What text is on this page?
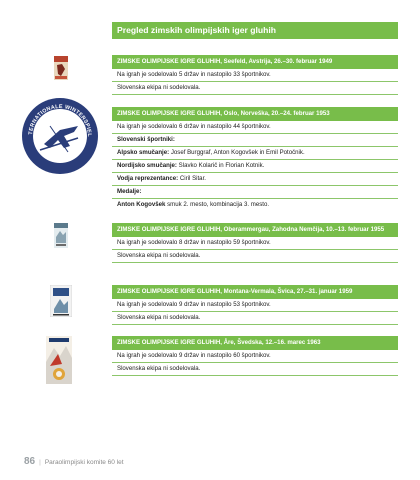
Pregled zimskih olimpijskih iger gluhih
ZIMSKE OLIMPIJSKE IGRE GLUHIH, Seefeld, Avstrija, 26.–30. februar 1949
Na igrah je sodelovalo 5 držav in nastopilo 33 športnikov.
Slovenska ekipa ni sodelovala.
TERNATIONALE WINTERSPIEL
OSLO 1953
ZIMSKE OLIMPIJSKE IGRE GLUHIH, Oslo, Norveška, 20.–24. februar 1953
Na igrah je sodelovalo 6 držav in nastopilo 44 športnikov.
Slovenski športniki:
Alpsko smučanje: Josef Burggraf, Anton Kogovšek in Emil Potočnik.
Nordijsko smučanje: Slavko Kolarič in Florian Kotnik.
Vodja reprezentance: Ciril Sitar.
Medalje:
Anton Kogovšek smuk 2. mesto, kombinacija 3. mesto.
ZIMSKE OLIMPIJSKE IGRE GLUHIH, Oberammergau, Zahodna Nemčija, 10.–13. februar 1955
Na igrah je sodelovalo 8 držav in nastopilo 59 športnikov.
Slovenska ekipa ni sodelovala.
ZIMSKE OLIMPIJSKE IGRE GLUHIH, Montana-Vermala, Švica, 27.–31. januar 1959
Na igrah je sodelovalo 9 držav in nastopilo 53 športnikov.
Slovenska ekipa ni sodelovala.
ZIMSKE OLIMPIJSKE IGRE GLUHIH, Åre, Švedska, 12.–16. marec 1963
Na igrah je sodelovalo 9 držav in nastopilo 60 športnikov.
Slovenska ekipa ni sodelovala.
86 | Paraolimpijski komite 60 let
